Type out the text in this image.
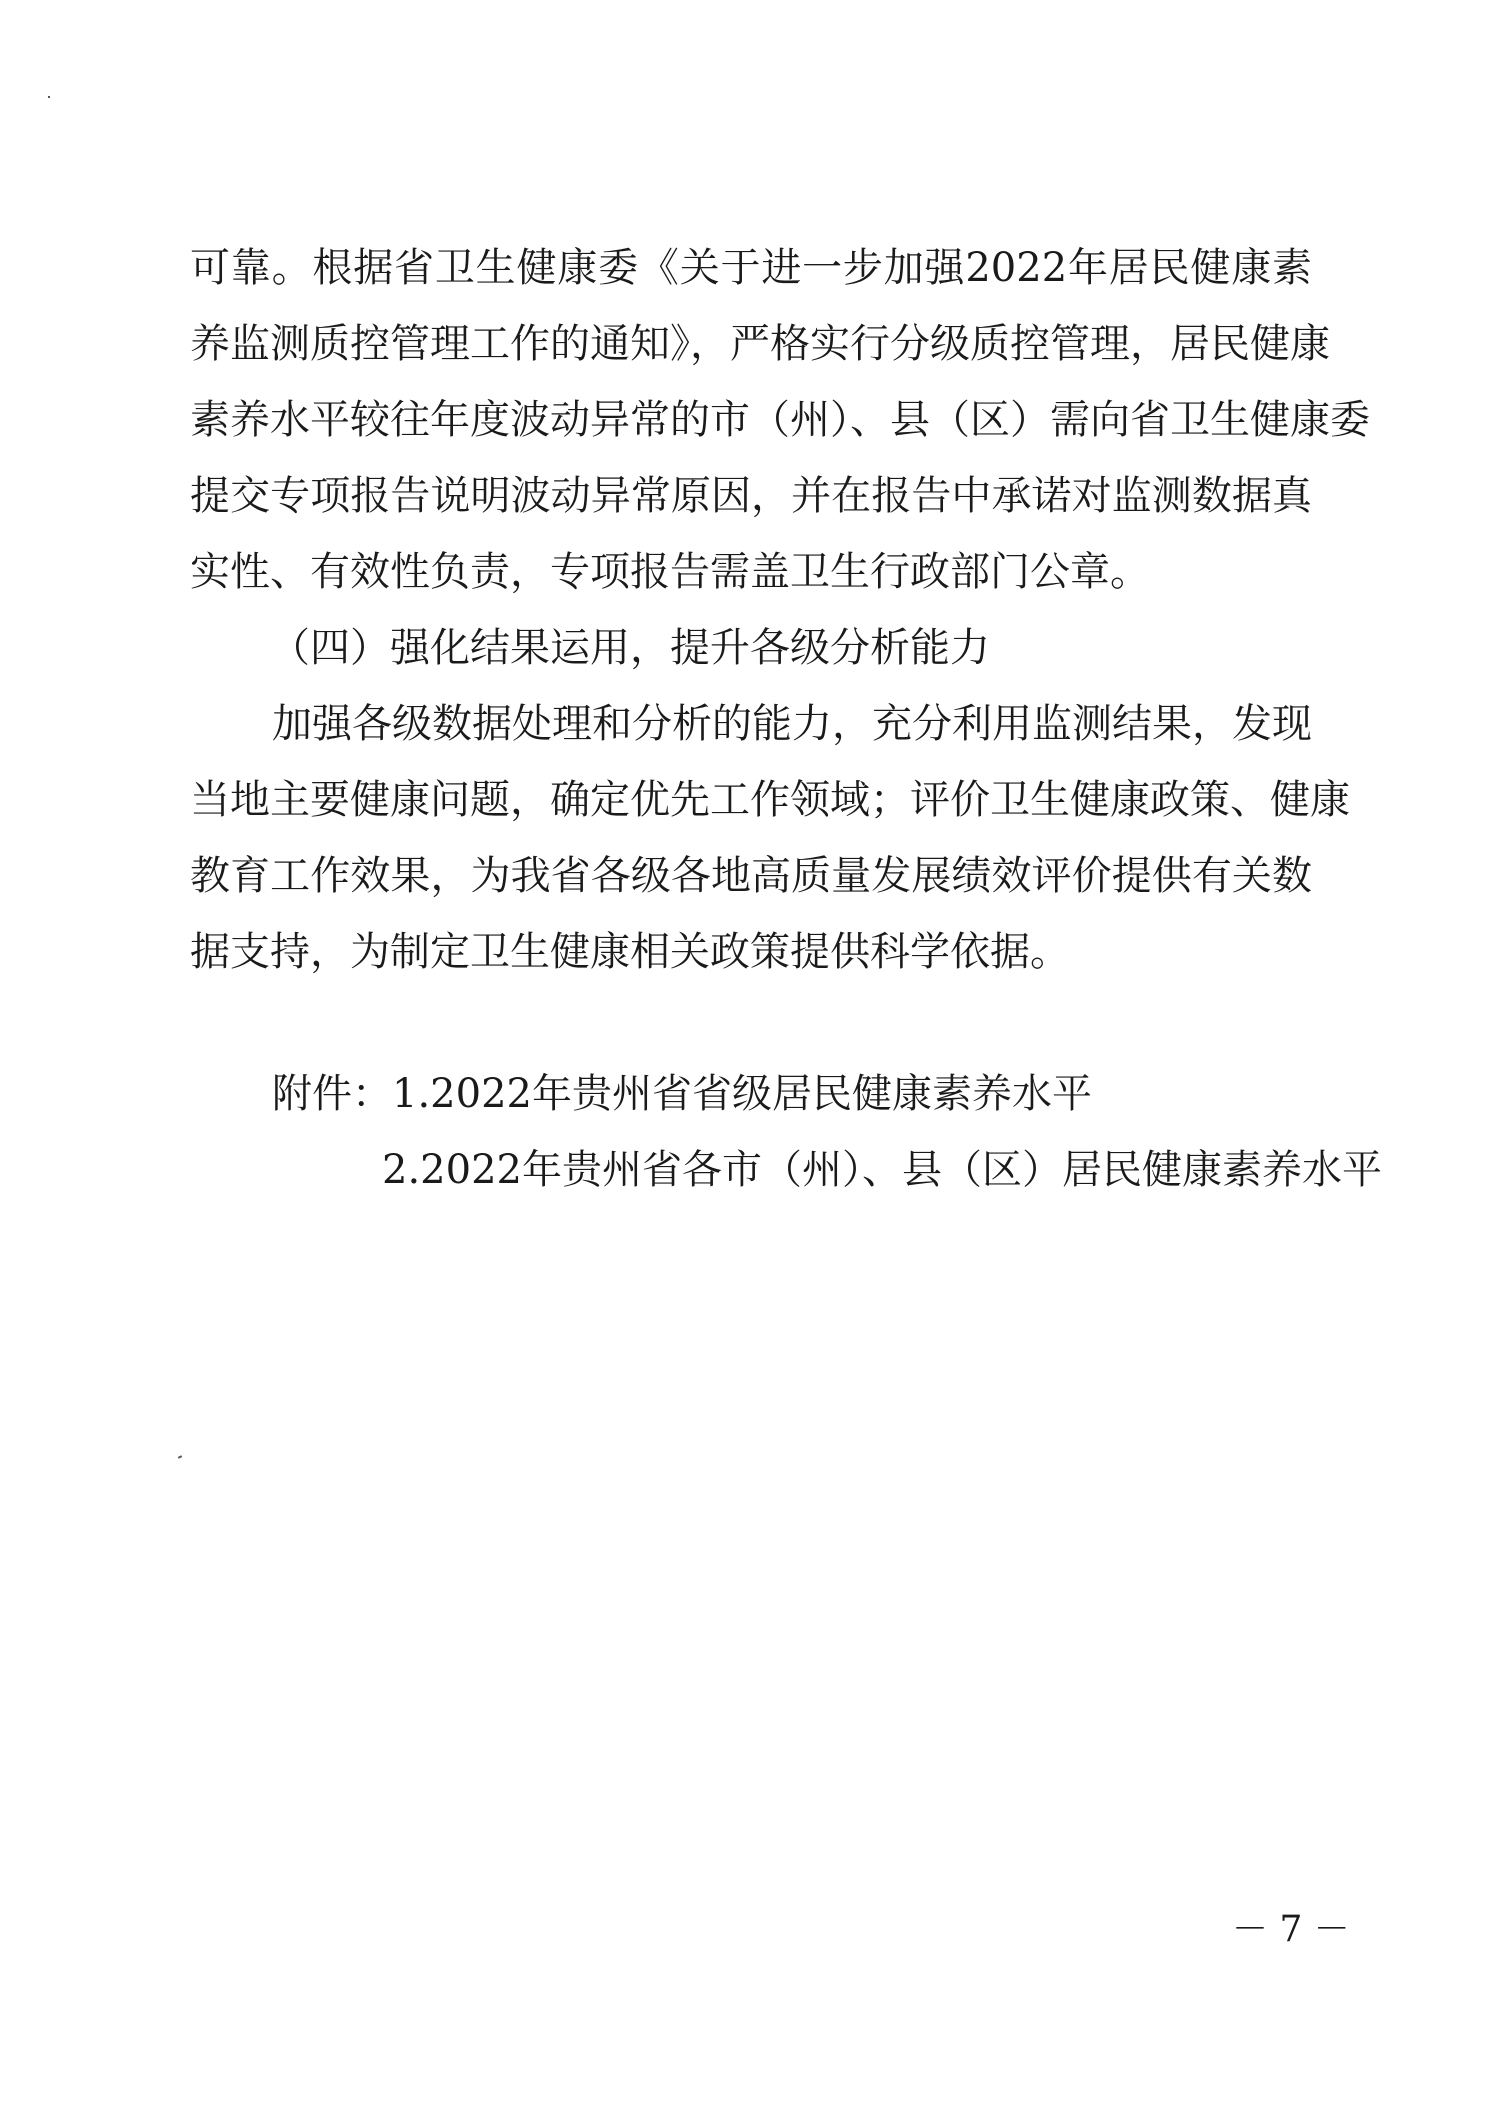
可靠。根据省卫生健康委《关于进一步加强2022年居民健康素
养监测质控管理工作的通知》，严格实行分级质控管理，居民健康
素养水平较往年度波动异常的市（州）、县（区）需向省卫生健康委
提交专项报告说明波动异常原因，并在报告中承诺对监测数据真
实性、有效性负责，专项报告需盖卫生行政部门公章。
（四）强化结果运用，提升各级分析能力
加强各级数据处理和分析的能力，充分利用监测结果，发现
当地主要健康问题，确定优先工作领域；评价卫生健康政策、健康
教育工作效果，为我省各级各地高质量发展绩效评价提供有关数
据支持，为制定卫生健康相关政策提供科学依据。
附件：1.2022年贵州省省级居民健康素养水平
2.2022年贵州省各市（州）、县（区）居民健康素养水平
－ 7 －
